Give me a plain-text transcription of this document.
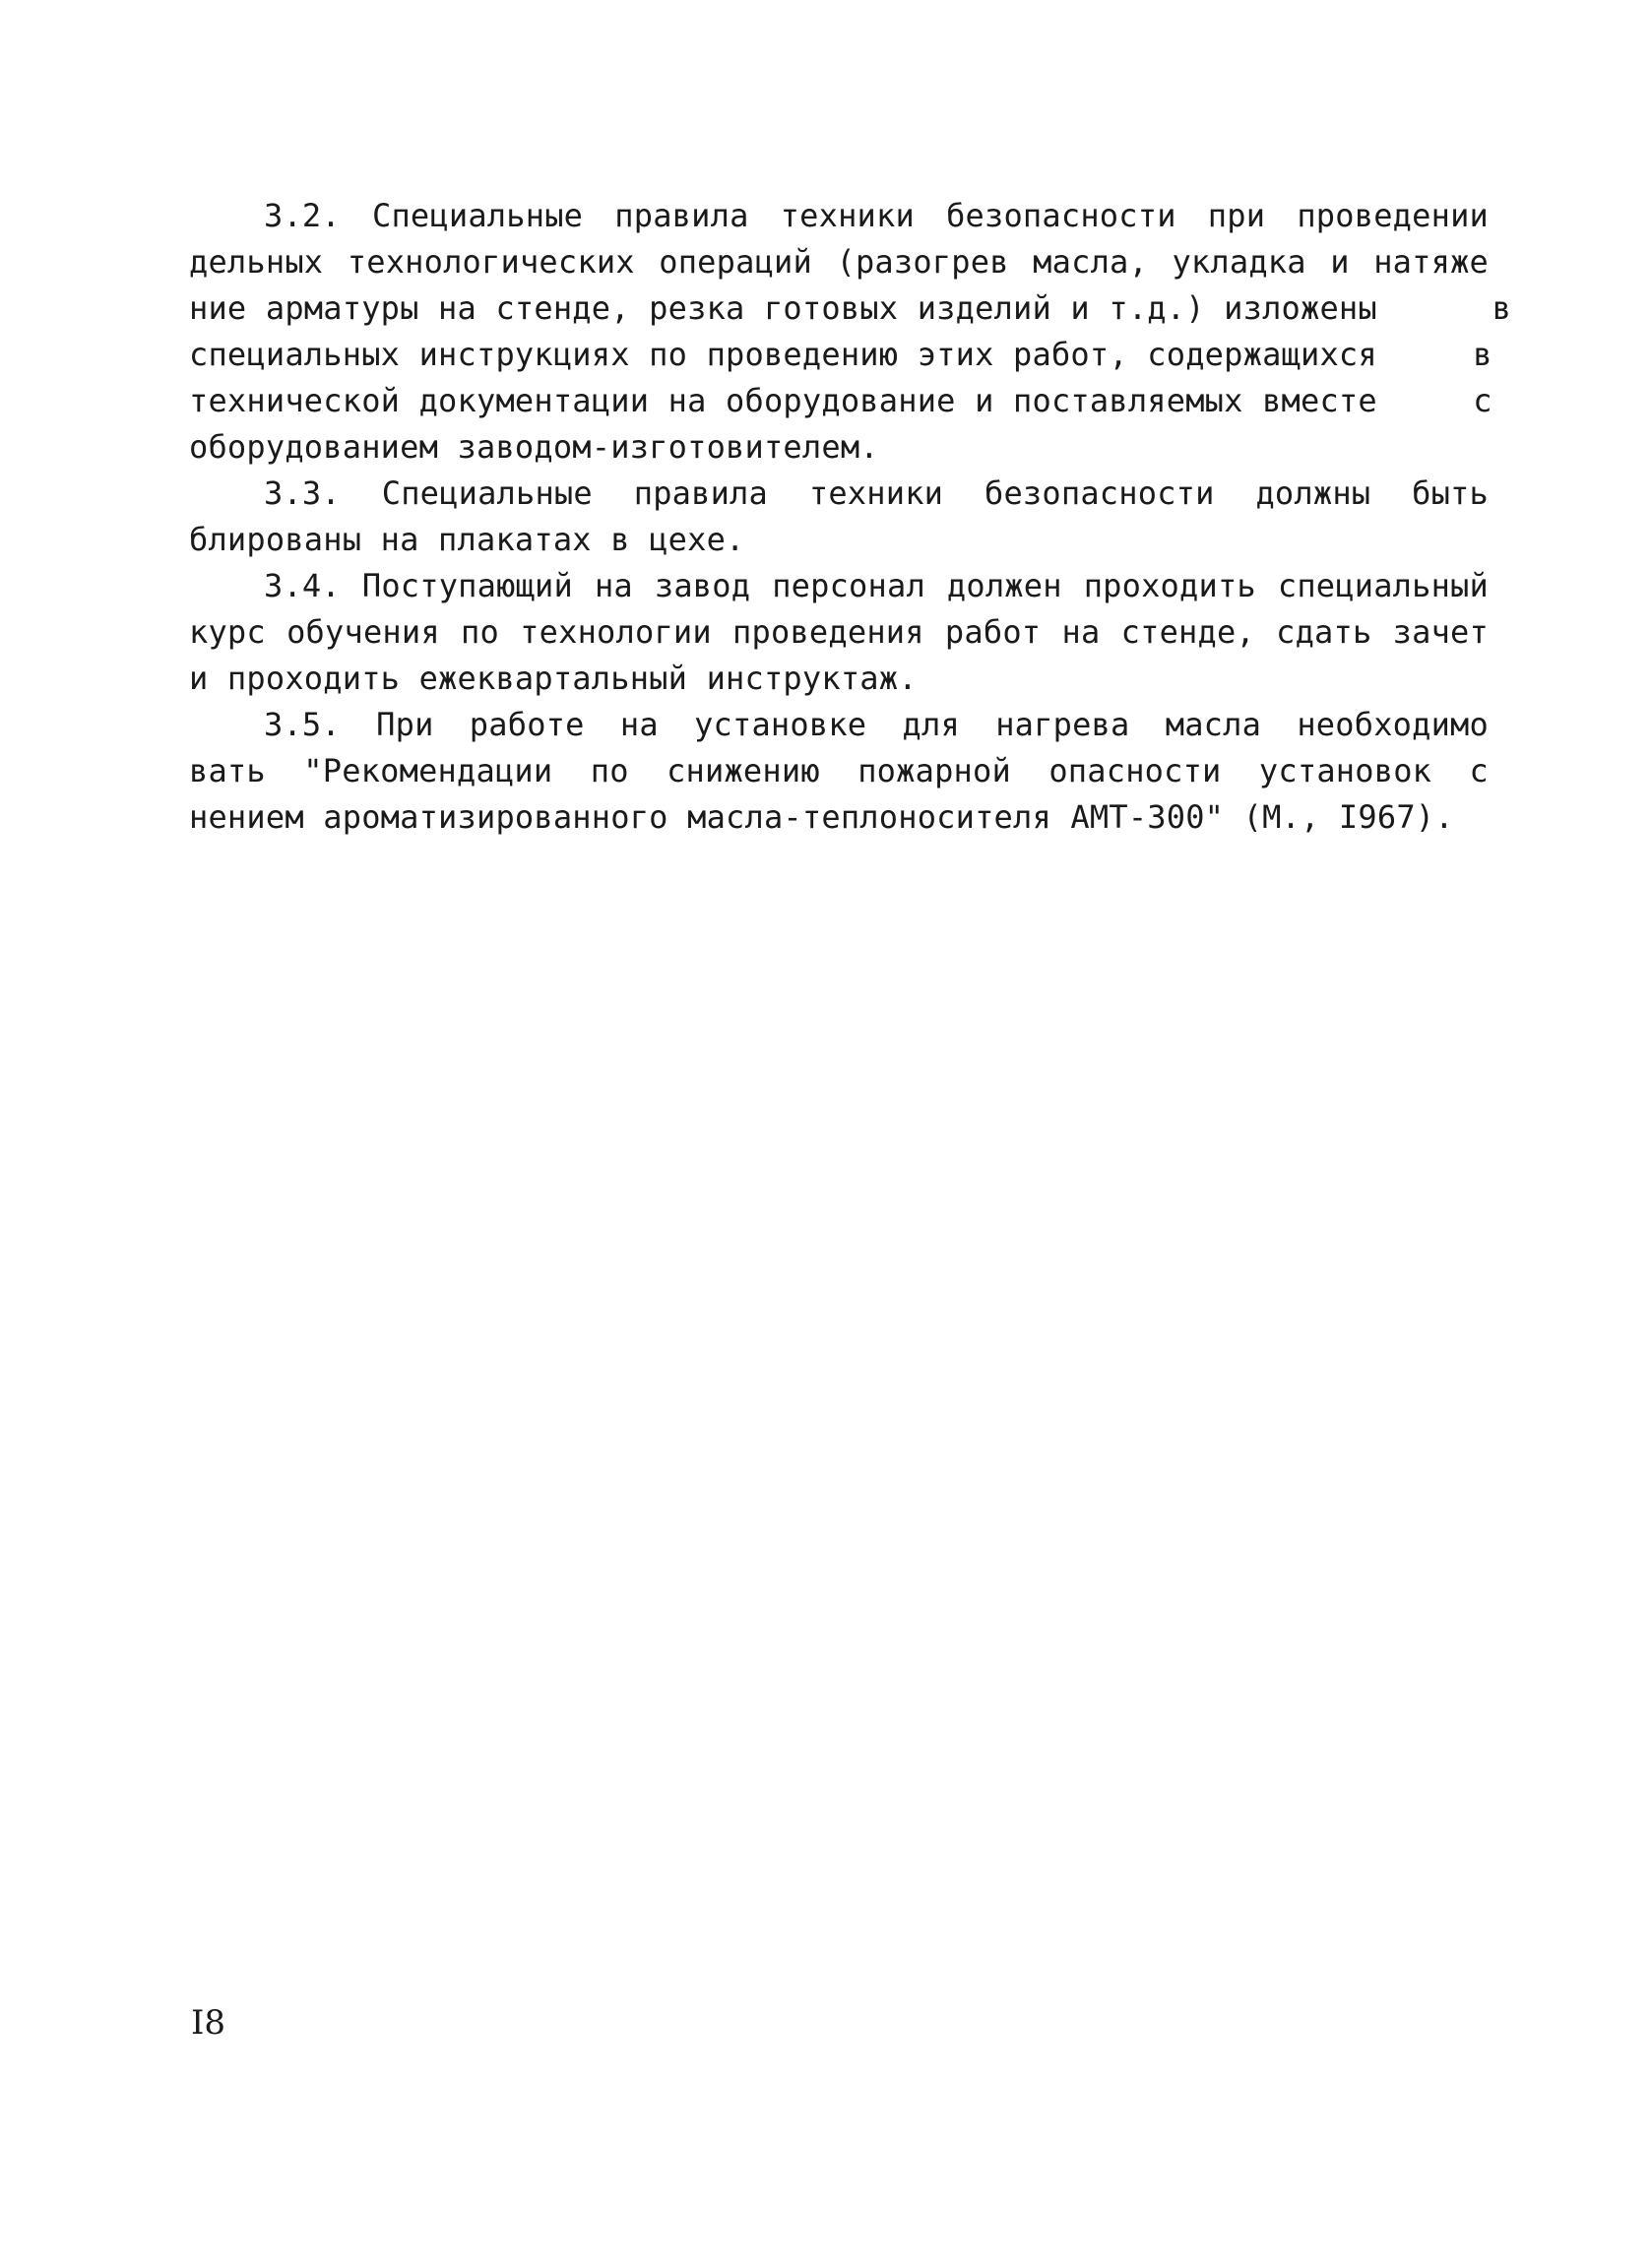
3.2. Специальные правила техники безопасности при проведении
дельных технологических операций (разогрев масла, укладка и натяже
ние арматуры на стенде, резка готовых изделий и т.д.) изложены      в
специальных инструкциях по проведению этих работ, содержащихся     в
технической документации на оборудование и поставляемых вместе     с
оборудованием заводом-изготовителем.
3.3. Специальные правила техники безопасности должны быть
блированы на плакатах в цехе.
3.4. Поступающий на завод персонал должен проходить специальный
курс обучения по технологии проведения работ на стенде, сдать зачет
и проходить ежеквартальный инструктаж.
3.5. При работе на установке для нагрева масла необходимо
вать "Рекомендации по снижению пожарной опасности установок с
нением ароматизированного масла-теплоносителя АМТ-300" (М., I967).
I8
